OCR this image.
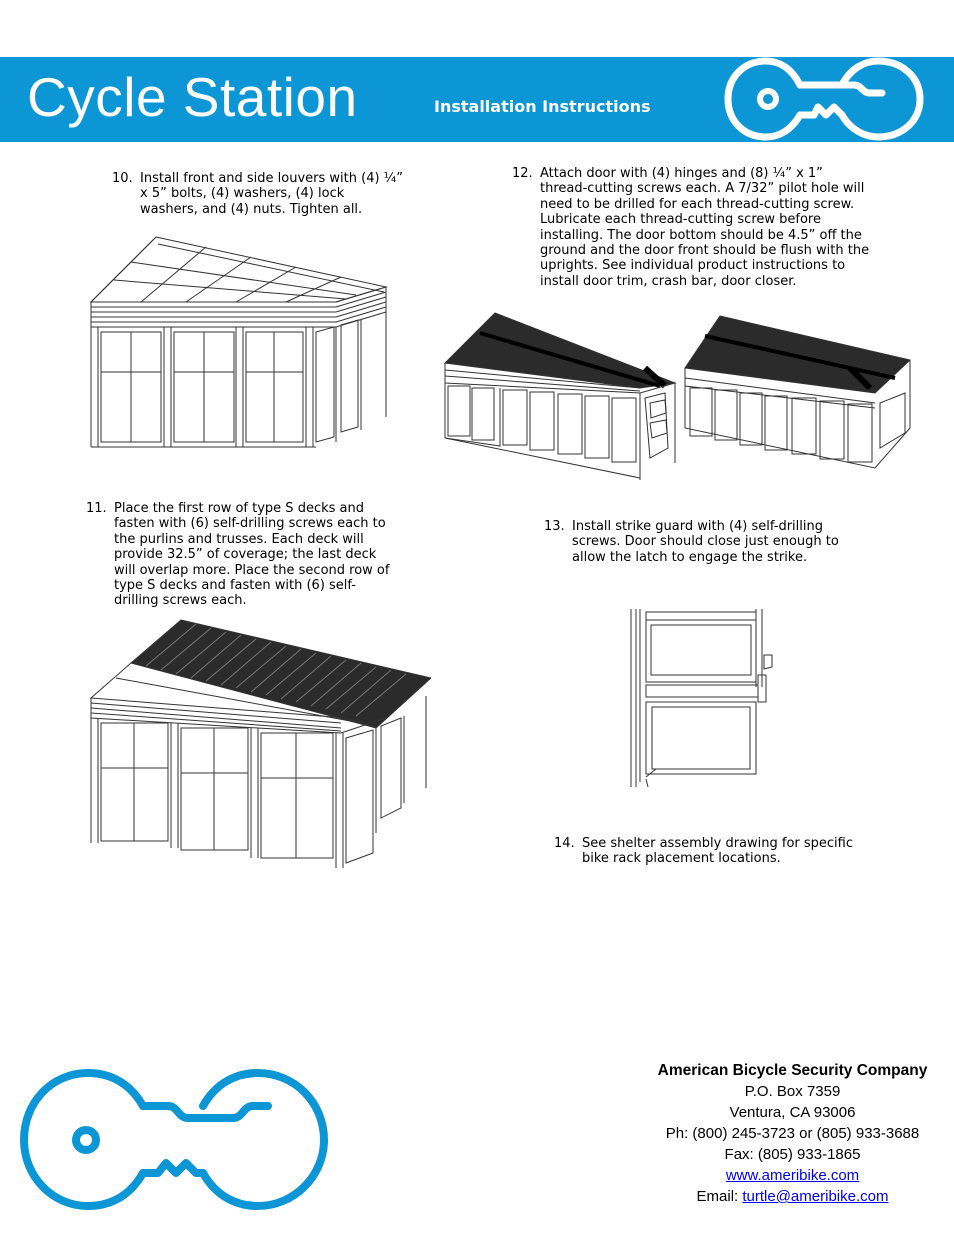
Cycle Station	Installation Instructions
10. Install front and side louvers with (4) ¼”
x 5” bolts, (4) washers, (4) lock
washers, and (4) nuts. Tighten all.
11. Place the first row of type S decks and
fasten with (6) self-drilling screws each to
the purlins and trusses. Each deck will
provide 32.5” of coverage; the last deck
will overlap more. Place the second row of
type S decks and fasten with (6) self-
drilling screws each.
12. Attach door with (4) hinges and (8) ¼” x 1”
thread-cutting screws each. A 7/32” pilot hole will
need to be drilled for each thread-cutting screw.
Lubricate each thread-cutting screw before
installing. The door bottom should be 4.5” off the
ground and the door front should be flush with the
uprights. See individual product instructions to
install door trim, crash bar, door closer.
13. Install strike guard with (4) self-drilling
screws. Door should close just enough to
allow the latch to engage the strike.
14. See shelter assembly drawing for specific
bike rack placement locations.
American Bicycle Security Company
P.O. Box 7359
Ventura, CA 93006
Ph: (800) 245-3723 or (805) 933-3688
Fax: (805) 933-1865
www.ameribike.com
Email: turtle@ameribike.com
